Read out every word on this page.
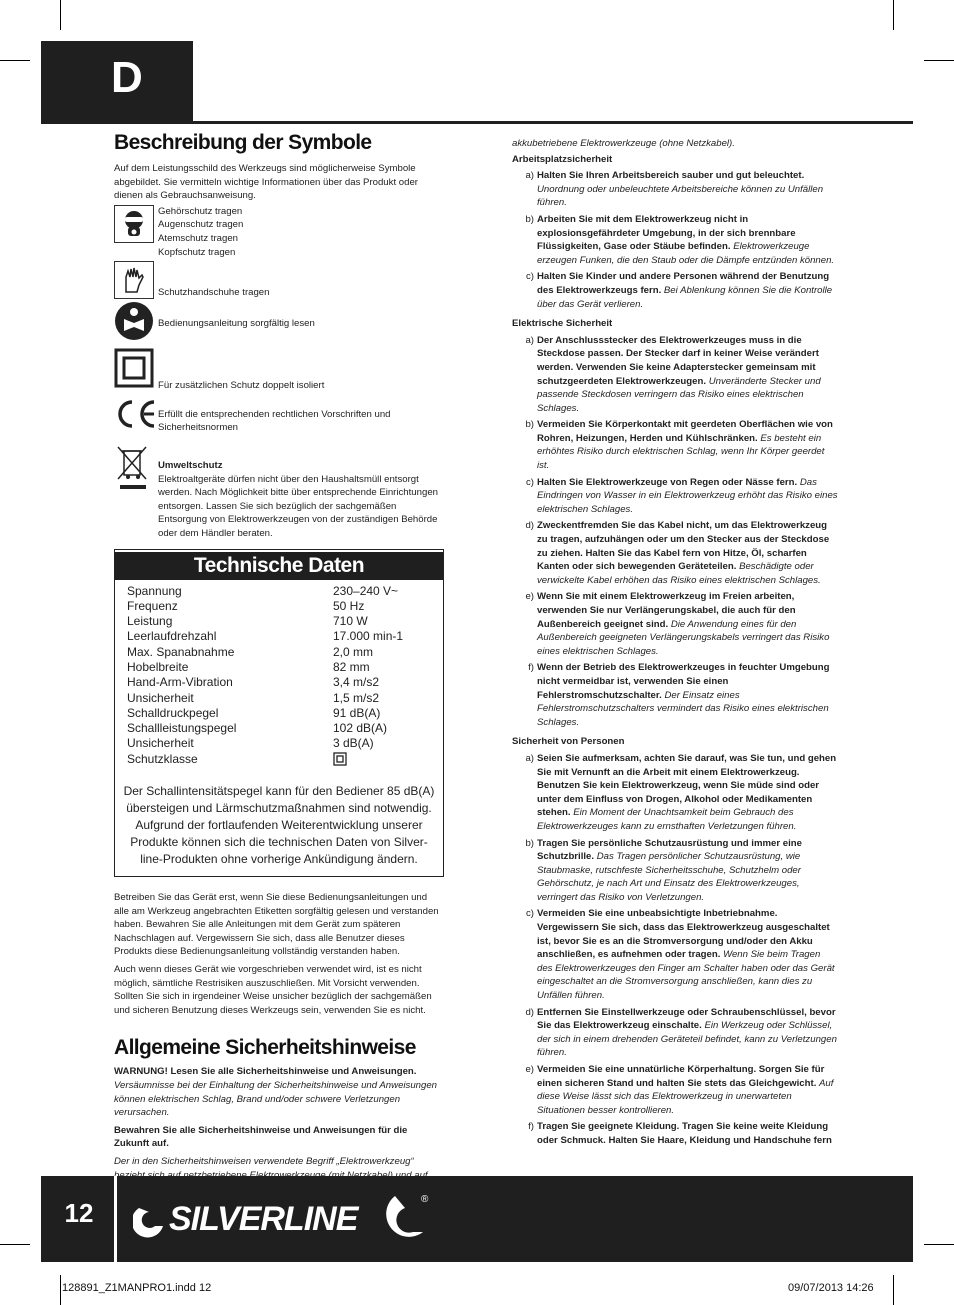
D
Beschreibung der Symbole
Auf dem Leistungsschild des Werkzeugs sind möglicherweise Symbole abgebildet. Sie vermitteln wichtige Informationen über das Produkt oder dienen als Gebrauchsanweisung.
Gehörschutz tragen
Augenschutz tragen
Atemschutz tragen
Kopfschutz tragen
Schutzhandschuhe tragen
Bedienungsanleitung sorgfältig lesen
Für zusätzlichen Schutz doppelt isoliert
Erfüllt die entsprechenden rechtlichen Vorschriften und Sicherheitsnormen
Umweltschutz
Elektroaltgeräte dürfen nicht über den Haushaltsmüll entsorgt werden. Nach Möglichkeit bitte über entsprechende Einrichtungen entsorgen. Lassen Sie sich bezüglich der sachgemäßen Entsorgung von Elektrowerkzeugen von der zuständigen Behörde oder dem Händler beraten.
Technische Daten
Spannung	230–240 V~
Frequenz	50 Hz
Leistung	710 W
Leerlaufdrehzahl	17.000 min-1
Max. Spanabnahme	2,0 mm
Hobelbreite	82 mm
Hand-Arm-Vibration	3,4 m/s2
Unsicherheit	1,5 m/s2
Schalldruckpegel	91 dB(A)
Schallleistungspegel	102 dB(A)
Unsicherheit	3 dB(A)
Schutzklasse	
Der Schallintensitätspegel kann für den Bediener 85 dB(A) übersteigen und Lärmschutzmaßnahmen sind notwendig. Aufgrund der fortlaufenden Weiterentwicklung unserer Produkte können sich die technischen Daten von Silver-line-Produkten ohne vorherige Ankündigung ändern.
Betreiben Sie das Gerät erst, wenn Sie diese Bedienungsanleitungen und alle am Werkzeug angebrachten Etiketten sorgfältig gelesen und verstanden haben. Bewahren Sie alle Anleitungen mit dem Gerät zum späteren Nachschlagen auf. Vergewissern Sie sich, dass alle Benutzer dieses Produkts diese Bedienungsanleitung vollständig verstanden haben.
Auch wenn dieses Gerät wie vorgeschrieben verwendet wird, ist es nicht möglich, sämtliche Restrisiken auszuschließen. Mit Vorsicht verwenden. Sollten Sie sich in irgendeiner Weise unsicher bezüglich der sachgemäßen und sicheren Benutzung dieses Werkzeugs sein, verwenden Sie es nicht.
Allgemeine Sicherheitshinweise
WARNUNG! Lesen Sie alle Sicherheitshinweise und Anweisungen.
Versäumnisse bei der Einhaltung der Sicherheitshinweise und Anweisungen können elektrischen Schlag, Brand und/oder schwere Verletzungen verursachen.
Bewahren Sie alle Sicherheitshinweise und Anweisungen für die Zukunft auf.
Der in den Sicherheitshinweisen verwendete Begriff „Elektrowerkzeug“
akkubetriebene Elektrowerkzeuge (ohne Netzkabel).
Arbeitsplatzsicherheit
a) Halten Sie Ihren Arbeitsbereich sauber und gut beleuchtet. Unordnung oder unbeleuchtete Arbeitsbereiche können zu Unfällen führen.
b) Arbeiten Sie mit dem Elektrowerkzeug nicht in explosionsgefährdeter Umgebung, in der sich brennbare Flüssigkeiten, Gase oder Stäube befinden. Elektrowerkzeuge erzeugen Funken, die den Staub oder die Dämpfe entzünden können.
c) Halten Sie Kinder und andere Personen während der Benutzung des Elektrowerkzeugs fern. Bei Ablenkung können Sie die Kontrolle über das Gerät verlieren.
Elektrische Sicherheit
a) Der Anschlussstecker des Elektrowerkzeuges muss in die Steckdose passen. Der Stecker darf in keiner Weise verändert werden. Verwenden Sie keine Adapterstecker gemeinsam mit schutzgeerdeten Elektrowerkzeugen. Unveränderte Stecker und passende Steckdosen verringern das Risiko eines elektrischen Schlages.
b) Vermeiden Sie Körperkontakt mit geerdeten Oberflächen wie von Rohren, Heizungen, Herden und Kühlschränken. Es besteht ein erhöhtes Risiko durch elektrischen Schlag, wenn Ihr Körper geerdet ist.
c) Halten Sie Elektrowerkzeuge von Regen oder Nässe fern. Das Eindringen von Wasser in ein Elektrowerkzeug erhöht das Risiko eines elektrischen Schlages.
d) Zweckentfremden Sie das Kabel nicht, um das Elektrowerkzeug zu tragen, aufzuhängen oder um den Stecker aus der Steckdose zu ziehen. Halten Sie das Kabel fern von Hitze, Öl, scharfen Kanten oder sich bewegenden Geräteteilen. Beschädigte oder verwickelte Kabel erhöhen das Risiko eines elektrischen Schlages.
e) Wenn Sie mit einem Elektrowerkzeug im Freien arbeiten, verwenden Sie nur Verlängerungskabel, die auch für den Außenbereich geeignet sind. Die Anwendung eines für den Außenbereich geeigneten Verlängerungskabels verringert das Risiko eines elektrischen Schlages.
f) Wenn der Betrieb des Elektrowerkzeuges in feuchter Umgebung nicht vermeidbar ist, verwenden Sie einen Fehlerstromschutzschalter. Der Einsatz eines Fehlerstromschutzschalters vermindert das Risiko eines elektrischen Schlages.
Sicherheit von Personen
a) Seien Sie aufmerksam, achten Sie darauf, was Sie tun, und gehen Sie mit Vernunft an die Arbeit mit einem Elektrowerkzeug. Benutzen Sie kein Elektrowerkzeug, wenn Sie müde sind oder unter dem Einfluss von Drogen, Alkohol oder Medikamenten stehen. Ein Moment der Unachtsamkeit beim Gebrauch des Elektrowerkzeuges kann zu ernsthaften Verletzungen führen.
b) Tragen Sie persönliche Schutzausrüstung und immer eine Schutzbrille. Das Tragen persönlicher Schutzausrüstung, wie Staubmaske, rutschfeste Sicherheitsschuhe, Schutzhelm oder Gehörschutz, je nach Art und Einsatz des Elektrowerkzeuges, verringert das Risiko von Verletzungen.
c) Vermeiden Sie eine unbeabsichtigte Inbetriebnahme. Vergewissern Sie sich, dass das Elektrowerkzeug ausgeschaltet ist, bevor Sie es an die Stromversorgung und/oder den Akku anschließen, es aufnehmen oder tragen. Wenn Sie beim Tragen des Elektrowerkzeuges den Finger am Schalter haben oder das Gerät eingeschaltet an die Stromversorgung anschließen, kann dies zu Unfällen führen.
d) Entfernen Sie Einstellwerkzeuge oder Schraubenschlüssel, bevor Sie das Elektrowerkzeug einschalte. Ein Werkzeug oder Schlüssel, der sich in einem drehenden Geräteteil befindet, kann zu Verletzungen führen.
e) Vermeiden Sie eine unnatürliche Körperhaltung. Sorgen Sie für einen sicheren Stand und halten Sie stets das Gleichgewicht. Auf diese Weise lässt sich das Elektrowerkzeug in unerwarteten Situationen besser kontrollieren.
f) Tragen Sie geeignete Kleidung. Tragen Sie keine weite Kleidung oder Schmuck. Halten Sie Haare, Kleidung und Handschuhe fern
12	SILVERLINE
®
128891_Z1MANPRO1.indd 12	09/07/2013 14:26
